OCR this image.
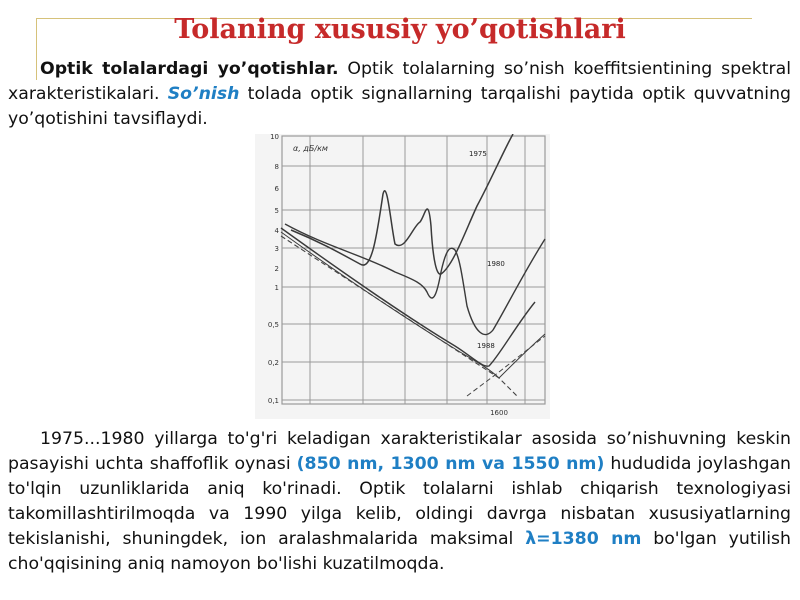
Tolaning xususiy yo’qotishlari

Optik tolalardagi yo’qotishlar. Optik tolalarning so’nish koeffitsientining spektral xarakteristikalari. So’nish tolada optik signallarning tarqalishi paytida optik quvvatning yo’qotishini tavsiflaydi.

α, дБ/км
10
8
6
5
4
3
2
1
0,5
0,2
0,1
1600
1975
1980
1988

1975...1980 yillarga to'g'ri keladigan xarakteristikalar asosida so’nishuvning keskin pasayishi uchta shaffoflik oynasi (850 nm, 1300 nm va 1550 nm) hududida joylashgan to'lqin uzunliklarida aniq ko'rinadi. Optik tolalarni ishlab chiqarish texnologiyasi takomillashtirilmoqda va 1990 yilga kelib, oldingi davrga nisbatan xususiyatlarning tekislanishi, shuningdek, ion aralashmalarida maksimal λ=1380 nm bo'lgan yutilish cho'qqisining aniq namoyon bo'lishi kuzatilmoqda.
